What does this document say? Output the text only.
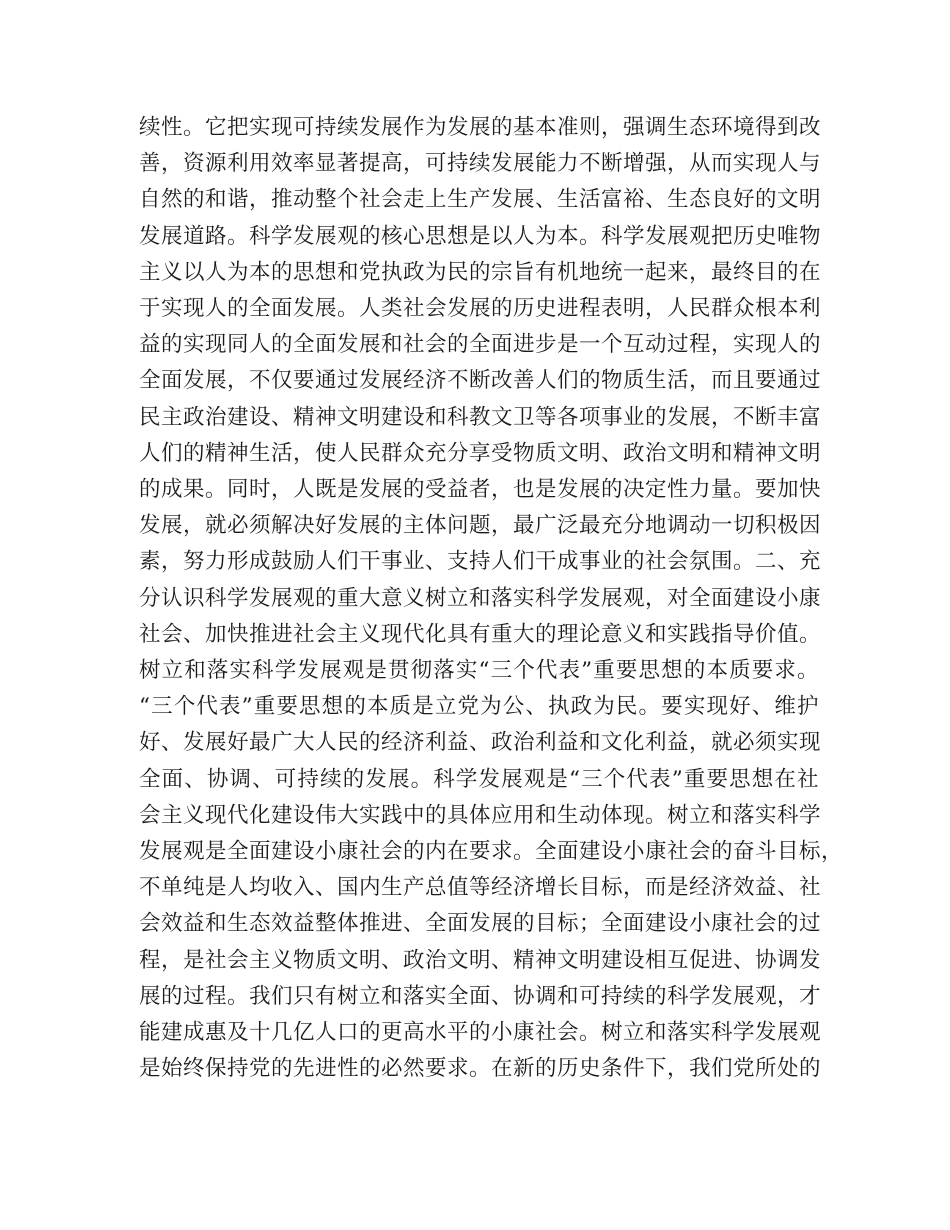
续性。它把实现可持续发展作为发展的基本准则，强调生态环境得到改
善，资源利用效率显著提高，可持续发展能力不断增强，从而实现人与
自然的和谐，推动整个社会走上生产发展、生活富裕、生态良好的文明
发展道路。科学发展观的核心思想是以人为本。科学发展观把历史唯物
主义以人为本的思想和党执政为民的宗旨有机地统一起来，最终目的在
于实现人的全面发展。人类社会发展的历史进程表明，人民群众根本利
益的实现同人的全面发展和社会的全面进步是一个互动过程，实现人的
全面发展，不仅要通过发展经济不断改善人们的物质生活，而且要通过
民主政治建设、精神文明建设和科教文卫等各项事业的发展，不断丰富
人们的精神生活，使人民群众充分享受物质文明、政治文明和精神文明
的成果。同时，人既是发展的受益者，也是发展的决定性力量。要加快
发展，就必须解决好发展的主体问题，最广泛最充分地调动一切积极因
素，努力形成鼓励人们干事业、支持人们干成事业的社会氛围。二、充
分认识科学发展观的重大意义树立和落实科学发展观，对全面建设小康
社会、加快推进社会主义现代化具有重大的理论意义和实践指导价值。
树立和落实科学发展观是贯彻落实“三个代表”重要思想的本质要求。
“三个代表”重要思想的本质是立党为公、执政为民。要实现好、维护
好、发展好最广大人民的经济利益、政治利益和文化利益，就必须实现
全面、协调、可持续的发展。科学发展观是“三个代表”重要思想在社
会主义现代化建设伟大实践中的具体应用和生动体现。树立和落实科学
发展观是全面建设小康社会的内在要求。全面建设小康社会的奋斗目标，
不单纯是人均收入、国内生产总值等经济增长目标，而是经济效益、社
会效益和生态效益整体推进、全面发展的目标；全面建设小康社会的过
程，是社会主义物质文明、政治文明、精神文明建设相互促进、协调发
展的过程。我们只有树立和落实全面、协调和可持续的科学发展观，才
能建成惠及十几亿人口的更高水平的小康社会。树立和落实科学发展观
是始终保持党的先进性的必然要求。在新的历史条件下，我们党所处的
